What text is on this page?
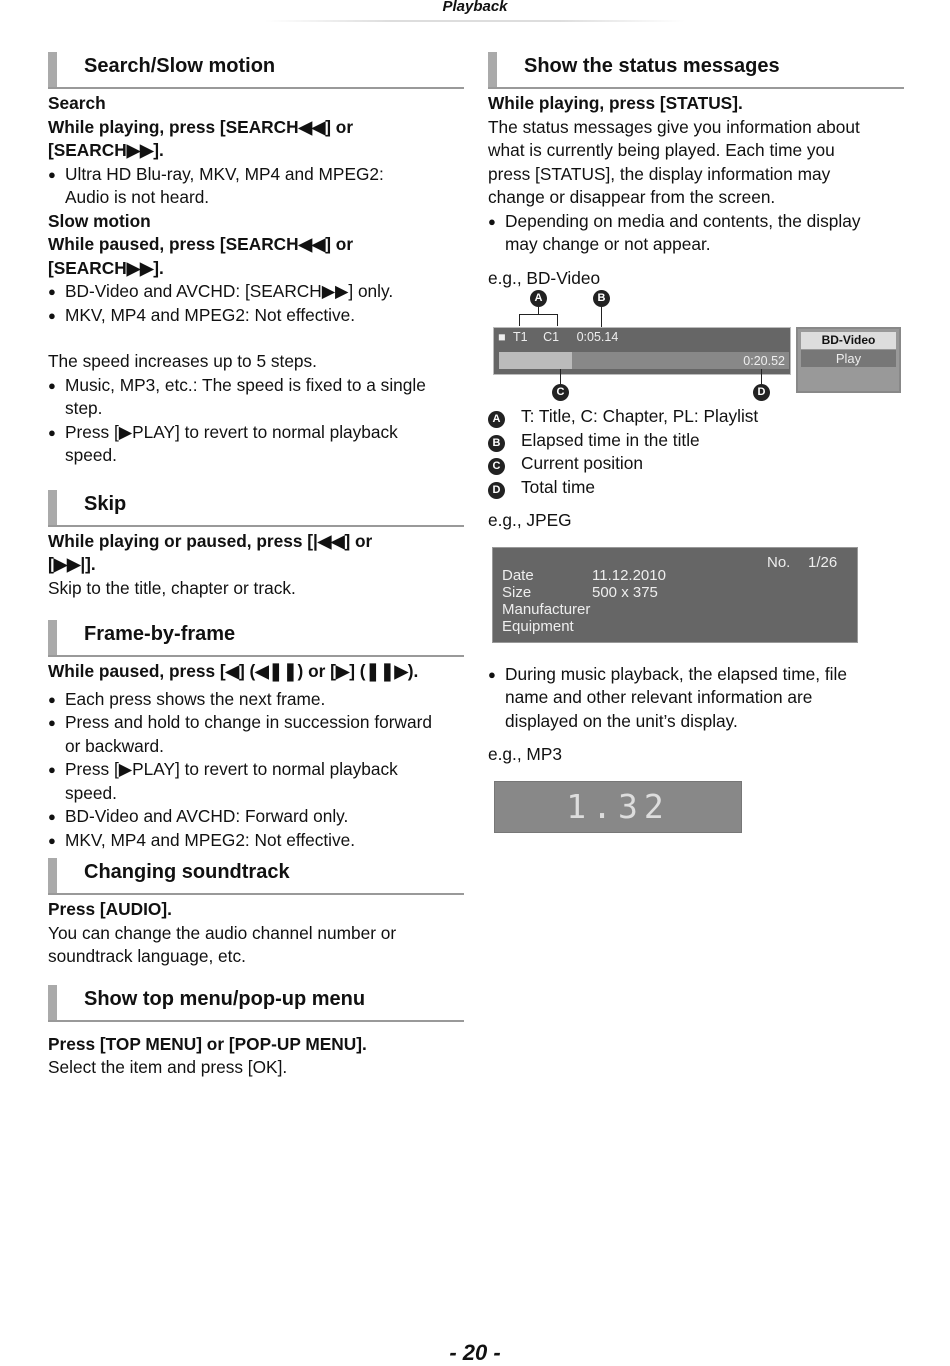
Playback
Search/Slow motion
Search
While playing, press [SEARCH◀◀] or
[SEARCH▶▶].
● Ultra HD Blu-ray, MKV, MP4 and MPEG2:
Audio is not heard.
Slow motion
While paused, press [SEARCH◀◀] or
[SEARCH▶▶].
● BD-Video and AVCHD: [SEARCH▶▶] only.
● MKV, MP4 and MPEG2: Not effective.
The speed increases up to 5 steps.
● Music, MP3, etc.: The speed is fixed to a single
step.
● Press [▶PLAY] to revert to normal playback
speed.
Skip
While playing or paused, press [|◀◀] or
[▶▶|].
Skip to the title, chapter or track.
Frame-by-frame
While paused, press [◀] (◀❚❚) or [▶] (❚❚▶).
● Each press shows the next frame.
● Press and hold to change in succession forward
or backward.
● Press [▶PLAY] to revert to normal playback
speed.
● BD-Video and AVCHD: Forward only.
● MKV, MP4 and MPEG2: Not effective.
Changing soundtrack
Press [AUDIO].
You can change the audio channel number or
soundtrack language, etc.
Show top menu/pop-up menu
Press [TOP MENU] or [POP-UP MENU].
Select the item and press [OK].
Show the status messages
While playing, press [STATUS].
The status messages give you information about
what is currently being played. Each time you
press [STATUS], the display information may
change or disappear from the screen.
● Depending on media and contents, the display
may change or not appear.
e.g., BD-Video
A	B
■ T1 C1 0:05.14
0:20.52
C	D
BD-Video
Play
A T: Title, C: Chapter, PL: Playlist
B Elapsed time in the title
C Current position
D Total time
e.g., JPEG
No. 1/26
Date	11.12.2010
Size	500 x 375
Manufacturer
Equipment
● During music playback, the elapsed time, file
name and other relevant information are
displayed on the unit’s display.
e.g., MP3
1.32
- 20 -
